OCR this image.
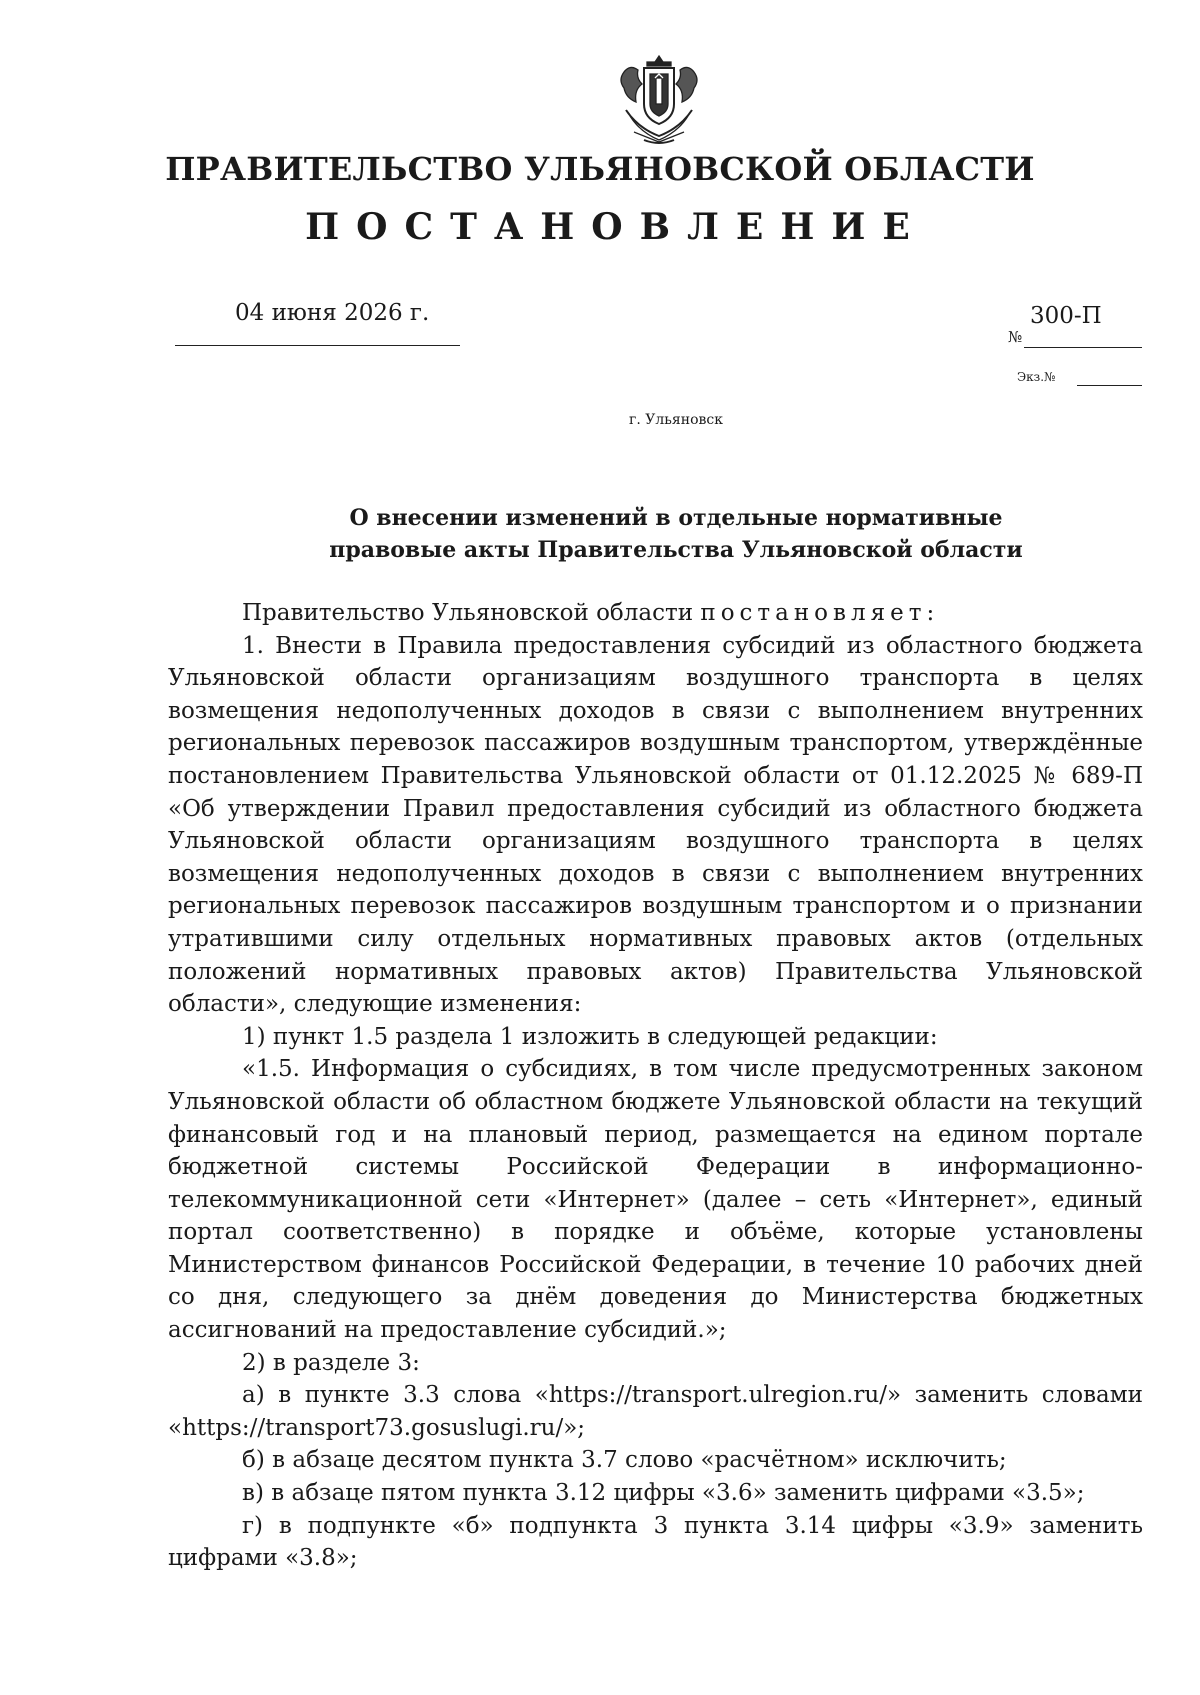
ПРАВИТЕЛЬСТВО УЛЬЯНОВСКОЙ ОБЛАСТИ
ПОСТАНОВЛЕНИЕ
04 июня 2026 г.
№
300-П
Экз.№
г. Ульяновск
О внесении изменений в отдельные нормативные
правовые акты Правительства Ульяновской области

Правительство Ульяновской области постановляет:

1. Внести в Правила предоставления субсидий из областного бюджета Ульяновской области организациям воздушного транспорта в целях возмещения недополученных доходов в связи с выполнением внутренних региональных перевозок пассажиров воздушным транспортом, утверждённые постановлением Правительства Ульяновской области от 01.12.2025 № 689-П «Об утверждении Правил предоставления субсидий из областного бюджета Ульяновской области организациям воздушного транспорта в целях возмещения недополученных доходов в связи с выполнением внутренних региональных перевозок пассажиров воздушным транспортом и о признании утратившими силу отдельных нормативных правовых актов (отдельных положений нормативных правовых актов) Правительства Ульяновской области», следующие изменения:

1) пункт 1.5 раздела 1 изложить в следующей редакции:

«1.5. Информация о субсидиях, в том числе предусмотренных законом Ульяновской области об областном бюджете Ульяновской области на текущий финансовый год и на плановый период, размещается на едином портале бюджетной системы Российской Федерации в информационно-телекоммуникационной сети «Интернет» (далее – сеть «Интернет», единый портал соответственно) в порядке и объёме, которые установлены Министерством финансов Российской Федерации, в течение 10 рабочих дней со дня, следующего за днём доведения до Министерства бюджетных ассигнований на предоставление субсидий.»;

2) в разделе 3:

а) в пункте 3.3 слова «https://transport.ulregion.ru/» заменить словами «https://transport73.gosuslugi.ru/»;

б) в абзаце десятом пункта 3.7 слово «расчётном» исключить;

в) в абзаце пятом пункта 3.12 цифры «3.6» заменить цифрами «3.5»;

г) в подпункте «б» подпункта 3 пункта 3.14 цифры «3.9» заменить цифрами «3.8»;
